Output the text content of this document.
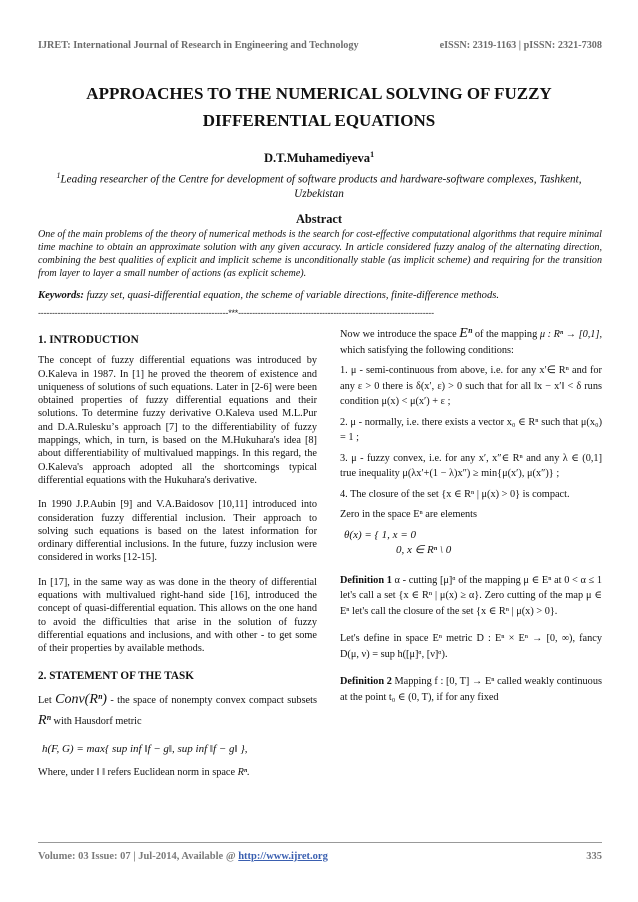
IJRET: International Journal of Research in Engineering and Technology	eISSN: 2319-1163 | pISSN: 2321-7308
APPROACHES TO THE NUMERICAL SOLVING OF FUZZY
DIFFERENTIAL EQUATIONS
D.T.Muhamediyeva$^1$
$^1$Leading researcher of the Centre for development of software products and hardware-software complexes, Tashkent, Uzbekistan
Abstract
One of the main problems of the theory of numerical methods is the search for cost-effective computational algorithms that require minimal time machine to obtain an approximate solution with any given accuracy. In article considered fuzzy analog of the alternating direction, combining the best qualities of explicit and implicit scheme is unconditionally stable (as implicit scheme) and requiring for the transition from layer to layer a small number of actions (as explicit scheme).
Keywords: fuzzy set, quasi-differential equation, the scheme of variable directions, finite-difference methods.
--------------------------------------------------------------------***----------------------------------------------------------------------
1. INTRODUCTION
The concept of fuzzy differential equations was introduced by O.Kaleva in 1987. In [1] he proved the theorem of existence and uniqueness of solutions of such equations. Later in [2-6] were been obtained properties of fuzzy differential equations and their solutions. To determine fuzzy derivative O.Kaleva used M.L.Pur and D.A.Ruleskuʼs approach [7] to the differentiability of fuzzy mappings, which, in turn, is based on the M.Hukuhara's idea [8] about differentiability of multivalued mappings. In this regard, the O.Kaleva's approach adopted all the shortcomings typical differential equations with the Hukuhara's derivative.
In 1990 J.P.Aubin [9] and V.A.Baidosov [10,11] introduced into consideration fuzzy differential inclusion. Their approach to solving such equations is based on the latest information for ordinary differential inclusions. In the future, fuzzy inclusion were considered in works [12-15].
In [17], in the same way as was done in the theory of differential equations with multivalued right-hand side [16], introduced the concept of quasi-differential equation. This allows on the one hand to avoid the difficulties that arise in the solution of fuzzy differential equations and inclusions, and with other - to get some of their properties by available methods.
2. STATEMENT OF THE TASK
Let Conv(Rⁿ) - the space of nonempty convex compact subsets Rⁿ with Hausdorf metric
h(F, G) = max{ sup inf ‖f − g‖, sup inf ‖f − g‖ },
Where, under ‖ ‖ refers Euclidean norm in space Rⁿ.
Now we introduce the space Eⁿ of the mapping μ : Rⁿ → [0,1], which satisfying the following conditions:
1. μ - semi-continuous from above, i.e. for any x′∈ Rⁿ and for any ε > 0 there is δ(x′, ε) > 0 such that for all ‖x − x′‖ < δ runs condition μ(x) < μ(x′) + ε ;
2. μ - normally, i.e. there exists a vector x₀ ∈ Rⁿ such that μ(x₀) = 1 ;
3. μ - fuzzy convex, i.e. for any x′, x″∈ Rⁿ and any λ ∈ (0,1] true inequality μ(λx′+(1 − λ)x″) ≥ min{μ(x′), μ(x″)} ;
4. The closure of the set {x ∈ Rⁿ | μ(x) > 0} is compact.
Zero in the space Eⁿ are elements
θ(x) = { 1, x = 0
0, x ∈ Rⁿ \ 0
Definition 1 α - cutting [μ]ᵅ of the mapping μ ∈ Eⁿ at 0 < α ≤ 1 let's call a set {x ∈ Rⁿ | μ(x) ≥ α}. Zero cutting of the map μ ∈ Eⁿ let's call the closure of the set {x ∈ Rⁿ | μ(x) > 0}.
Let's define in space Eⁿ metric D : Eⁿ × Eⁿ → [0, ∞), fancy D(μ, ν) = sup h([μ]ᵅ, [ν]ᵅ).
Definition 2 Mapping f : [0, T] → Eⁿ called weakly continuous at the point t₀ ∈ (0, T), if for any fixed
Volume: 03 Issue: 07 | Jul-2014, Available @ http://www.ijret.org	335
